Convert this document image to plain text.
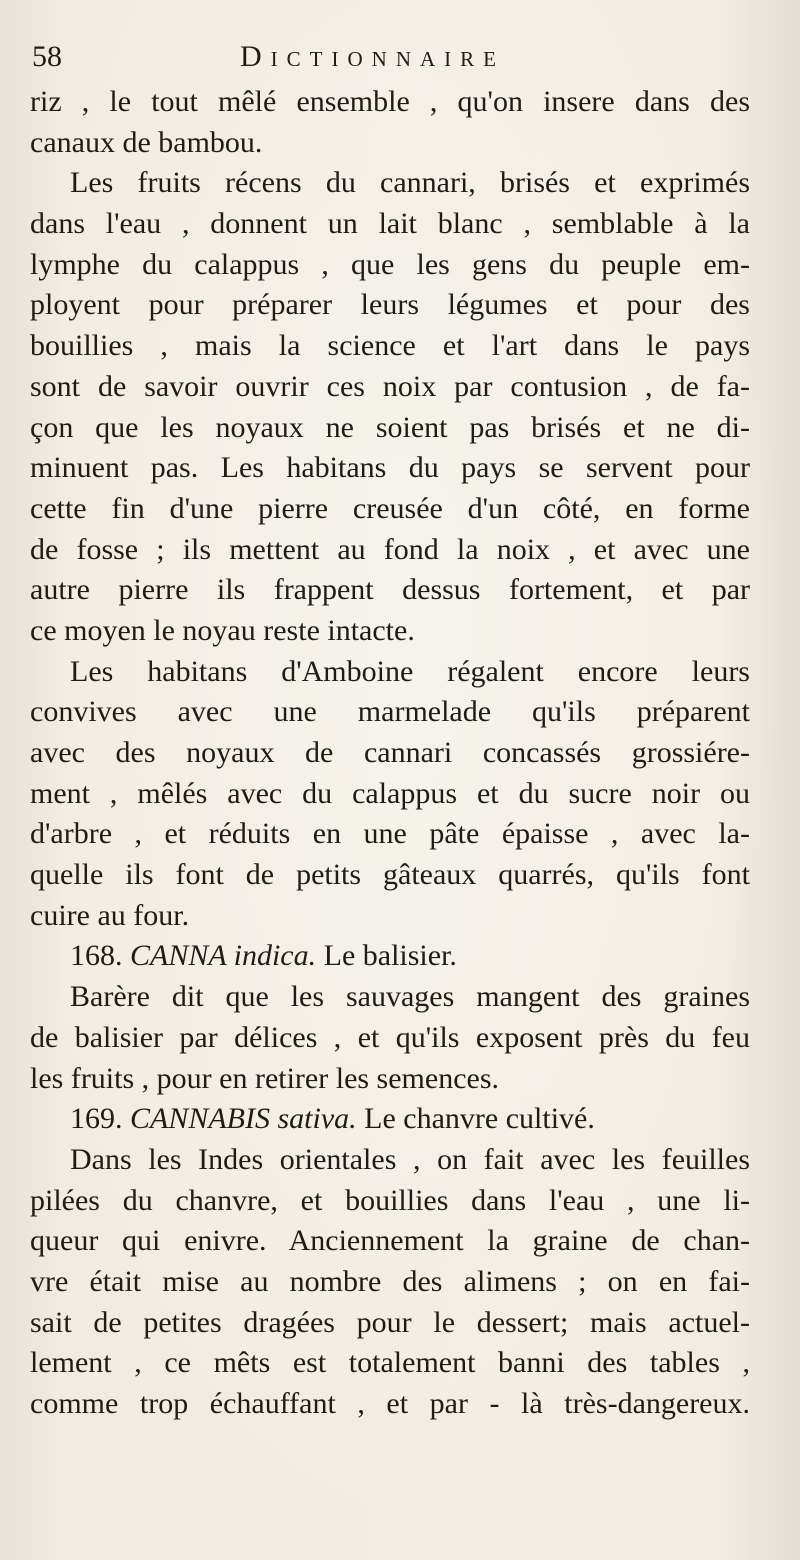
58	Dictionnaire
riz , le tout mêlé ensemble , qu'on insere dans des
canaux de bambou.
Les fruits récens du cannari, brisés et exprimés
dans l'eau , donnent un lait blanc , semblable à la
lymphe du calappus , que les gens du peuple em-
ployent pour préparer leurs légumes et pour des
bouillies , mais la science et l'art dans le pays
sont de savoir ouvrir ces noix par contusion , de fa-
çon que les noyaux ne soient pas brisés et ne di-
minuent pas. Les habitans du pays se servent pour
cette fin d'une pierre creusée d'un côté, en forme
de fosse ; ils mettent au fond la noix , et avec une
autre pierre ils frappent dessus fortement, et par
ce moyen le noyau reste intacte.
Les habitans d'Amboine régalent encore leurs
convives avec une marmelade qu'ils préparent
avec des noyaux de cannari concassés grossiére-
ment , mêlés avec du calappus et du sucre noir ou
d'arbre , et réduits en une pâte épaisse , avec la-
quelle ils font de petits gâteaux quarrés, qu'ils font
cuire au four.
168. CANNA indica. Le balisier.
Barère dit que les sauvages mangent des graines
de balisier par délices , et qu'ils exposent près du feu
les fruits , pour en retirer les semences.
169. CANNABIS sativa. Le chanvre cultivé.
Dans les Indes orientales , on fait avec les feuilles
pilées du chanvre, et bouillies dans l'eau , une li-
queur qui enivre. Anciennement la graine de chan-
vre était mise au nombre des alimens ; on en fai-
sait de petites dragées pour le dessert; mais actuel-
lement , ce mêts est totalement banni des tables ,
comme trop échauffant , et par - là très-dangereux.
